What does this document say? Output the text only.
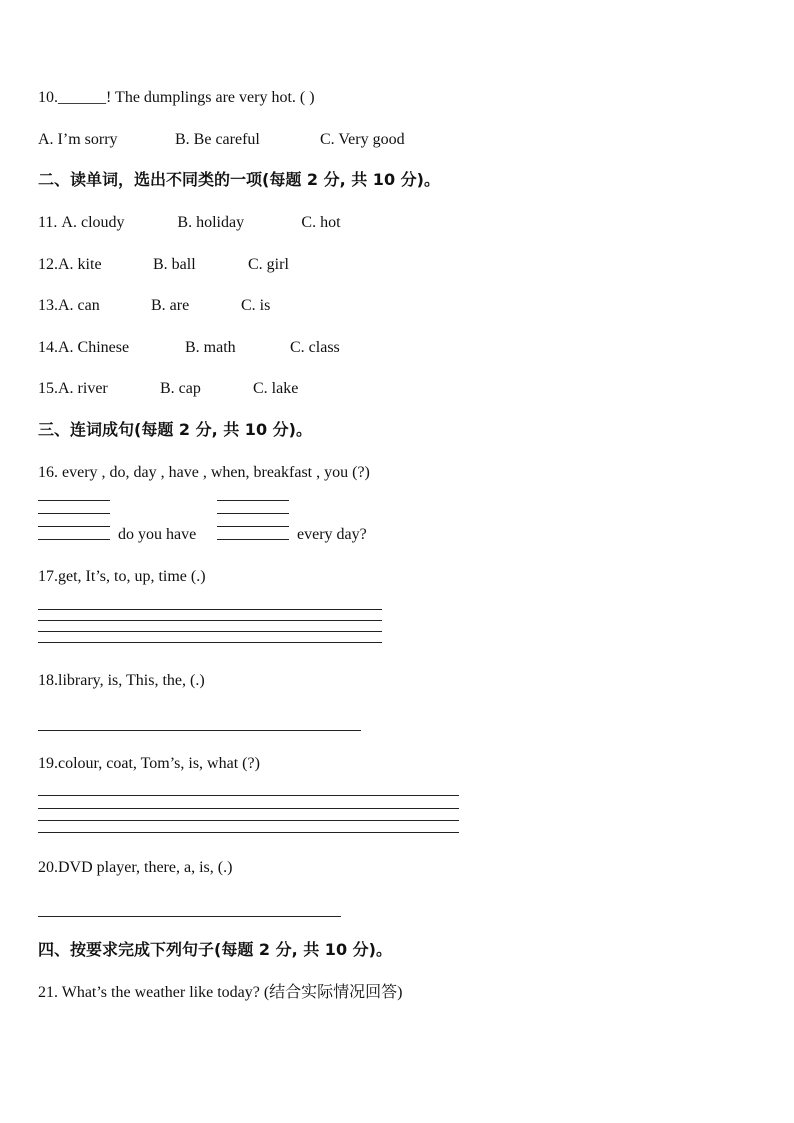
10.______! The dumplings are very hot. ( )
A. I’m sorry	B. Be careful	C. Very good
二、读单词，选出不同类的一项(每题 2 分, 共 10 分)。
11. A. cloudy	B. holiday	C. hot
12.A. kite	B. ball	C. girl
13.A. can	B. are	C. is
14.A. Chinese	B. math	C. class
15.A. river	B. cap	C. lake
三、连词成句(每题 2 分, 共 10 分)。
16. every , do, day , have , when, breakfast , you (?)
do you have	every day?
17.get, It’s, to, up, time (.)
18.library, is, This, the, (.)
19.colour, coat, Tom’s, is, what (?)
20.DVD player, there, a, is, (.)
四、按要求完成下列句子(每题 2 分, 共 10 分)。
21. What’s the weather like today? (结合实际情况回答)
